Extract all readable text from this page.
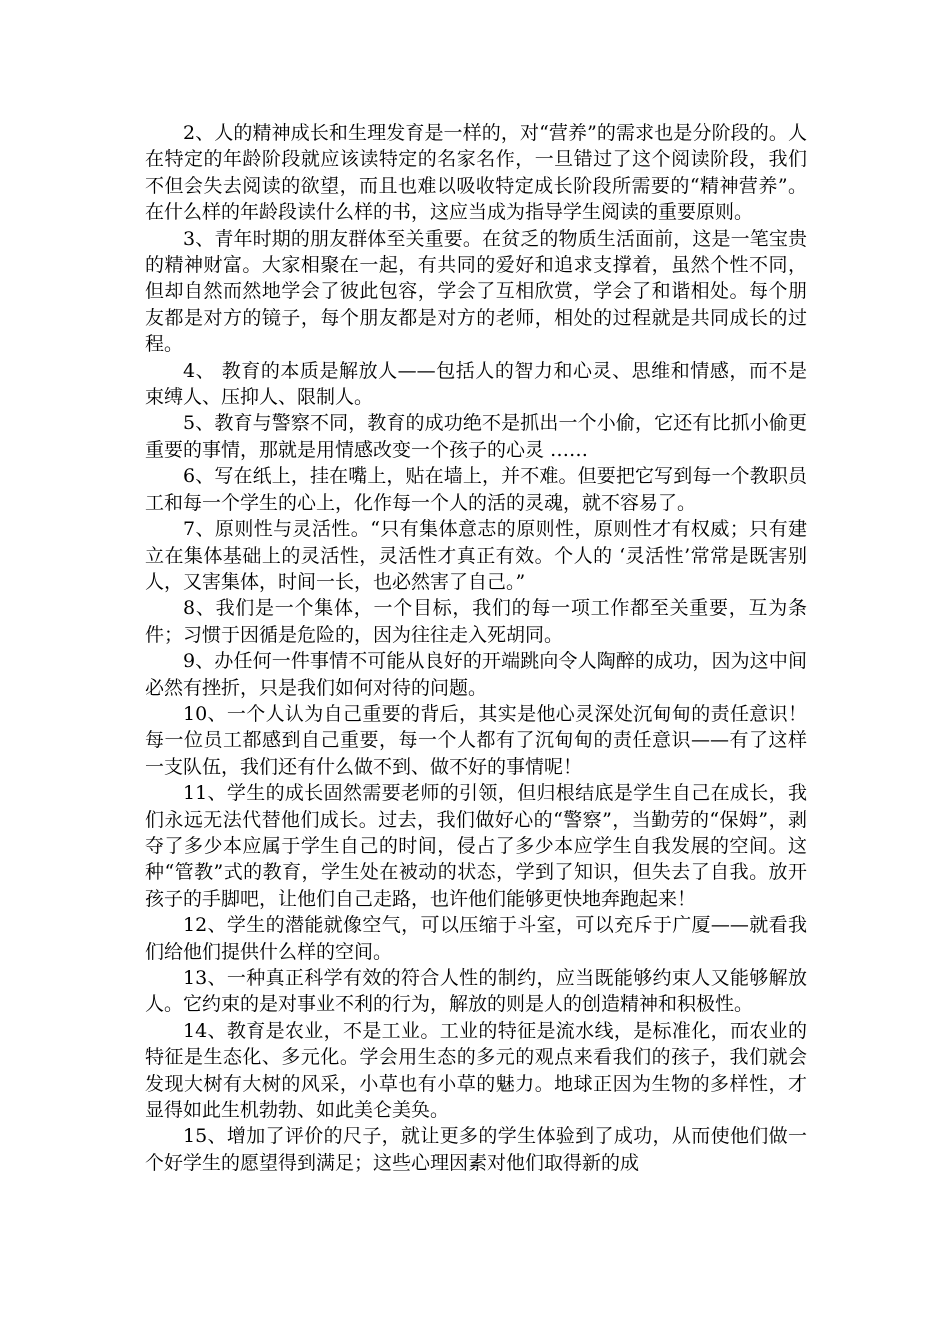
2、人的精神成长和生理发育是一样的，对“营养”的需求也是分阶段的。人在特定的年龄阶段就应该读特定的名家名作，一旦错过了这个阅读阶段，我们不但会失去阅读的欲望，而且也难以吸收特定成长阶段所需要的“精神营养”。在什么样的年龄段读什么样的书，这应当成为指导学生阅读的重要原则。

3、青年时期的朋友群体至关重要。在贫乏的物质生活面前，这是一笔宝贵的精神财富。大家相聚在一起，有共同的爱好和追求支撑着，虽然个性不同，但却自然而然地学会了彼此包容，学会了互相欣赏，学会了和谐相处。每个朋友都是对方的镜子，每个朋友都是对方的老师，相处的过程就是共同成长的过程。

4、 教育的本质是解放人——包括人的智力和心灵、思维和情感，而不是束缚人、压抑人、限制人。

5、教育与警察不同，教育的成功绝不是抓出一个小偷，它还有比抓小偷更重要的事情，那就是用情感改变一个孩子的心灵 ……

6、写在纸上，挂在嘴上，贴在墙上，并不难。但要把它写到每一个教职员工和每一个学生的心上，化作每一个人的活的灵魂，就不容易了。

7、原则性与灵活性。“只有集体意志的原则性，原则性才有权威；只有建立在集体基础上的灵活性，灵活性才真正有效。个人的 ‘灵活性’常常是既害别人，又害集体，时间一长，也必然害了自己。”

8、我们是一个集体，一个目标，我们的每一项工作都至关重要，互为条件；习惯于因循是危险的，因为往往走入死胡同。

9、办任何一件事情不可能从良好的开端跳向令人陶醉的成功，因为这中间必然有挫折，只是我们如何对待的问题。

10、一个人认为自己重要的背后，其实是他心灵深处沉甸甸的责任意识！每一位员工都感到自己重要，每一个人都有了沉甸甸的责任意识——有了这样一支队伍，我们还有什么做不到、做不好的事情呢！

11、学生的成长固然需要老师的引领，但归根结底是学生自己在成长，我们永远无法代替他们成长。过去，我们做好心的“警察”，当勤劳的“保姆”，剥夺了多少本应属于学生自己的时间，侵占了多少本应学生自我发展的空间。这种“管教”式的教育，学生处在被动的状态，学到了知识，但失去了自我。放开孩子的手脚吧，让他们自己走路，也许他们能够更快地奔跑起来！

12、学生的潜能就像空气，可以压缩于斗室，可以充斥于广厦——就看我们给他们提供什么样的空间。

13、一种真正科学有效的符合人性的制约，应当既能够约束人又能够解放人。它约束的是对事业不利的行为，解放的则是人的创造精神和积极性。

14、教育是农业，不是工业。工业的特征是流水线，是标准化，而农业的特征是生态化、多元化。学会用生态的多元的观点来看我们的孩子，我们就会发现大树有大树的风采，小草也有小草的魅力。地球正因为生物的多样性，才显得如此生机勃勃、如此美仑美奂。

15、增加了评价的尺子，就让更多的学生体验到了成功，从而使他们做一个好学生的愿望得到满足；这些心理因素对他们取得新的成
